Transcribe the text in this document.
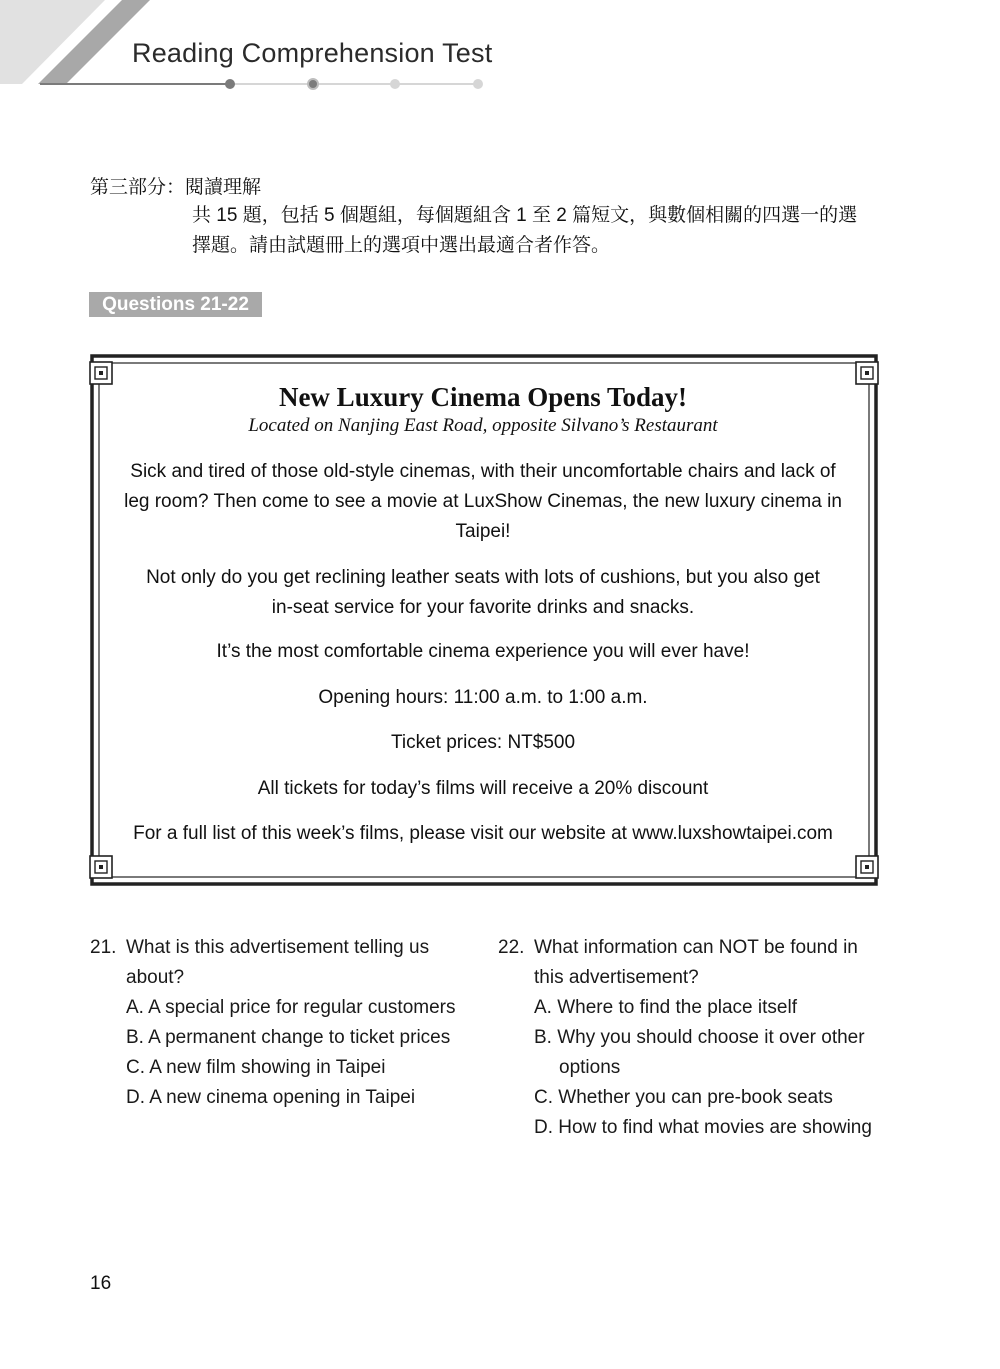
Reading Comprehension Test
第三部分：閱讀理解
共 15 題，包括 5 個題組，每個題組含 1 至 2 篇短文，與數個相關的四選一的選
擇題。請由試題冊上的選項中選出最適合者作答。
Questions 21-22
New Luxury Cinema Opens Today!
Located on Nanjing East Road, opposite Silvano’s Restaurant
Sick and tired of those old-style cinemas, with their uncomfortable chairs and lack of
leg room? Then come to see a movie at LuxShow Cinemas, the new luxury cinema in
Taipei!
Not only do you get reclining leather seats with lots of cushions, but you also get
in-seat service for your favorite drinks and snacks.
It’s the most comfortable cinema experience you will ever have!
Opening hours: 11:00 a.m. to 1:00 a.m.
Ticket prices: NT$500
All tickets for today’s films will receive a 20% discount
For a full list of this week’s films, please visit our website at www.luxshowtaipei.com
21. What is this advertisement telling us
about?
A. A special price for regular customers
B. A permanent change to ticket prices
C. A new film showing in Taipei
D. A new cinema opening in Taipei
22. What information can NOT be found in
this advertisement?
A. Where to find the place itself
B. Why you should choose it over other
options
C. Whether you can pre-book seats
D. How to find what movies are showing
16
